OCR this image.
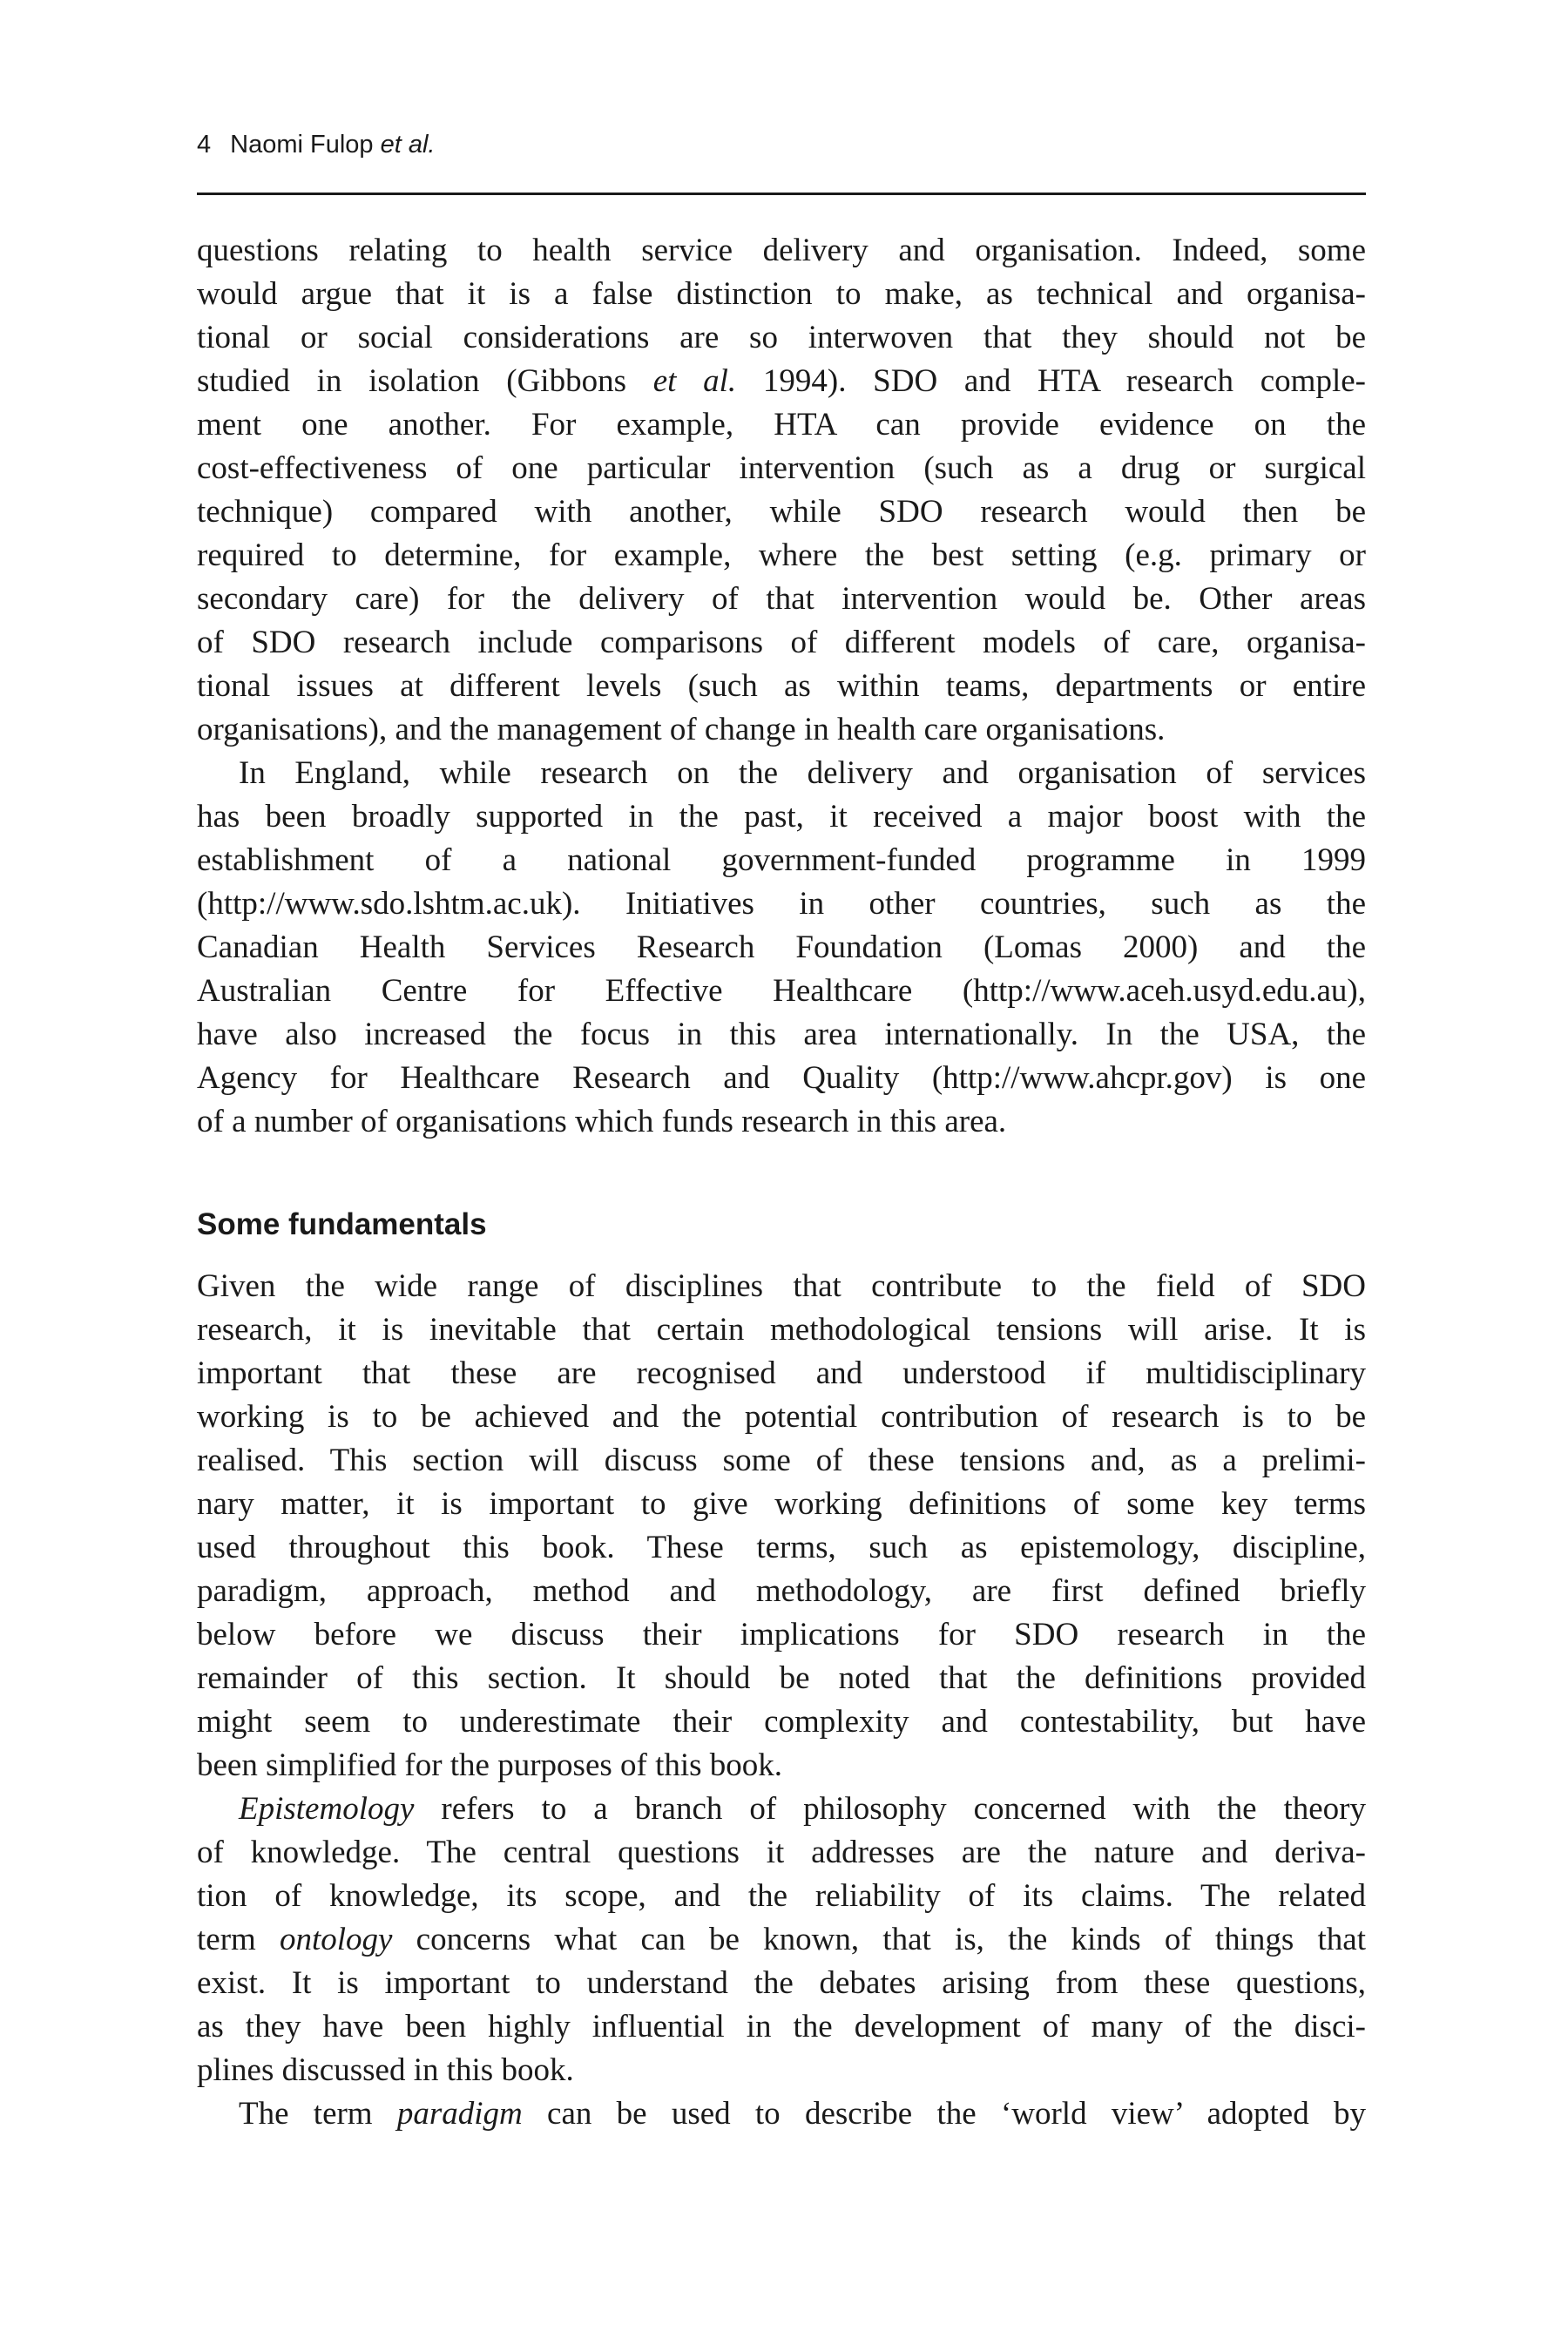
4 Naomi Fulop et al.
questions relating to health service delivery and organisation. Indeed, some
would argue that it is a false distinction to make, as technical and organisa-
tional or social considerations are so interwoven that they should not be
studied in isolation (Gibbons et al. 1994). SDO and HTA research comple-
ment one another. For example, HTA can provide evidence on the
cost-effectiveness of one particular intervention (such as a drug or surgical
technique) compared with another, while SDO research would then be
required to determine, for example, where the best setting (e.g. primary or
secondary care) for the delivery of that intervention would be. Other areas
of SDO research include comparisons of different models of care, organisa-
tional issues at different levels (such as within teams, departments or entire
organisations), and the management of change in health care organisations.
In England, while research on the delivery and organisation of services
has been broadly supported in the past, it received a major boost with the
establishment of a national government-funded programme in 1999
(http://www.sdo.lshtm.ac.uk). Initiatives in other countries, such as the
Canadian Health Services Research Foundation (Lomas 2000) and the
Australian Centre for Effective Healthcare (http://www.aceh.usyd.edu.au),
have also increased the focus in this area internationally. In the USA, the
Agency for Healthcare Research and Quality (http://www.ahcpr.gov) is one
of a number of organisations which funds research in this area.
Some fundamentals
Given the wide range of disciplines that contribute to the field of SDO
research, it is inevitable that certain methodological tensions will arise. It is
important that these are recognised and understood if multidisciplinary
working is to be achieved and the potential contribution of research is to be
realised. This section will discuss some of these tensions and, as a prelimi-
nary matter, it is important to give working definitions of some key terms
used throughout this book. These terms, such as epistemology, discipline,
paradigm, approach, method and methodology, are first defined briefly
below before we discuss their implications for SDO research in the
remainder of this section. It should be noted that the definitions provided
might seem to underestimate their complexity and contestability, but have
been simplified for the purposes of this book.
Epistemology refers to a branch of philosophy concerned with the theory
of knowledge. The central questions it addresses are the nature and deriva-
tion of knowledge, its scope, and the reliability of its claims. The related
term ontology concerns what can be known, that is, the kinds of things that
exist. It is important to understand the debates arising from these questions,
as they have been highly influential in the development of many of the disci-
plines discussed in this book.
The term paradigm can be used to describe the ‘world view’ adopted by
